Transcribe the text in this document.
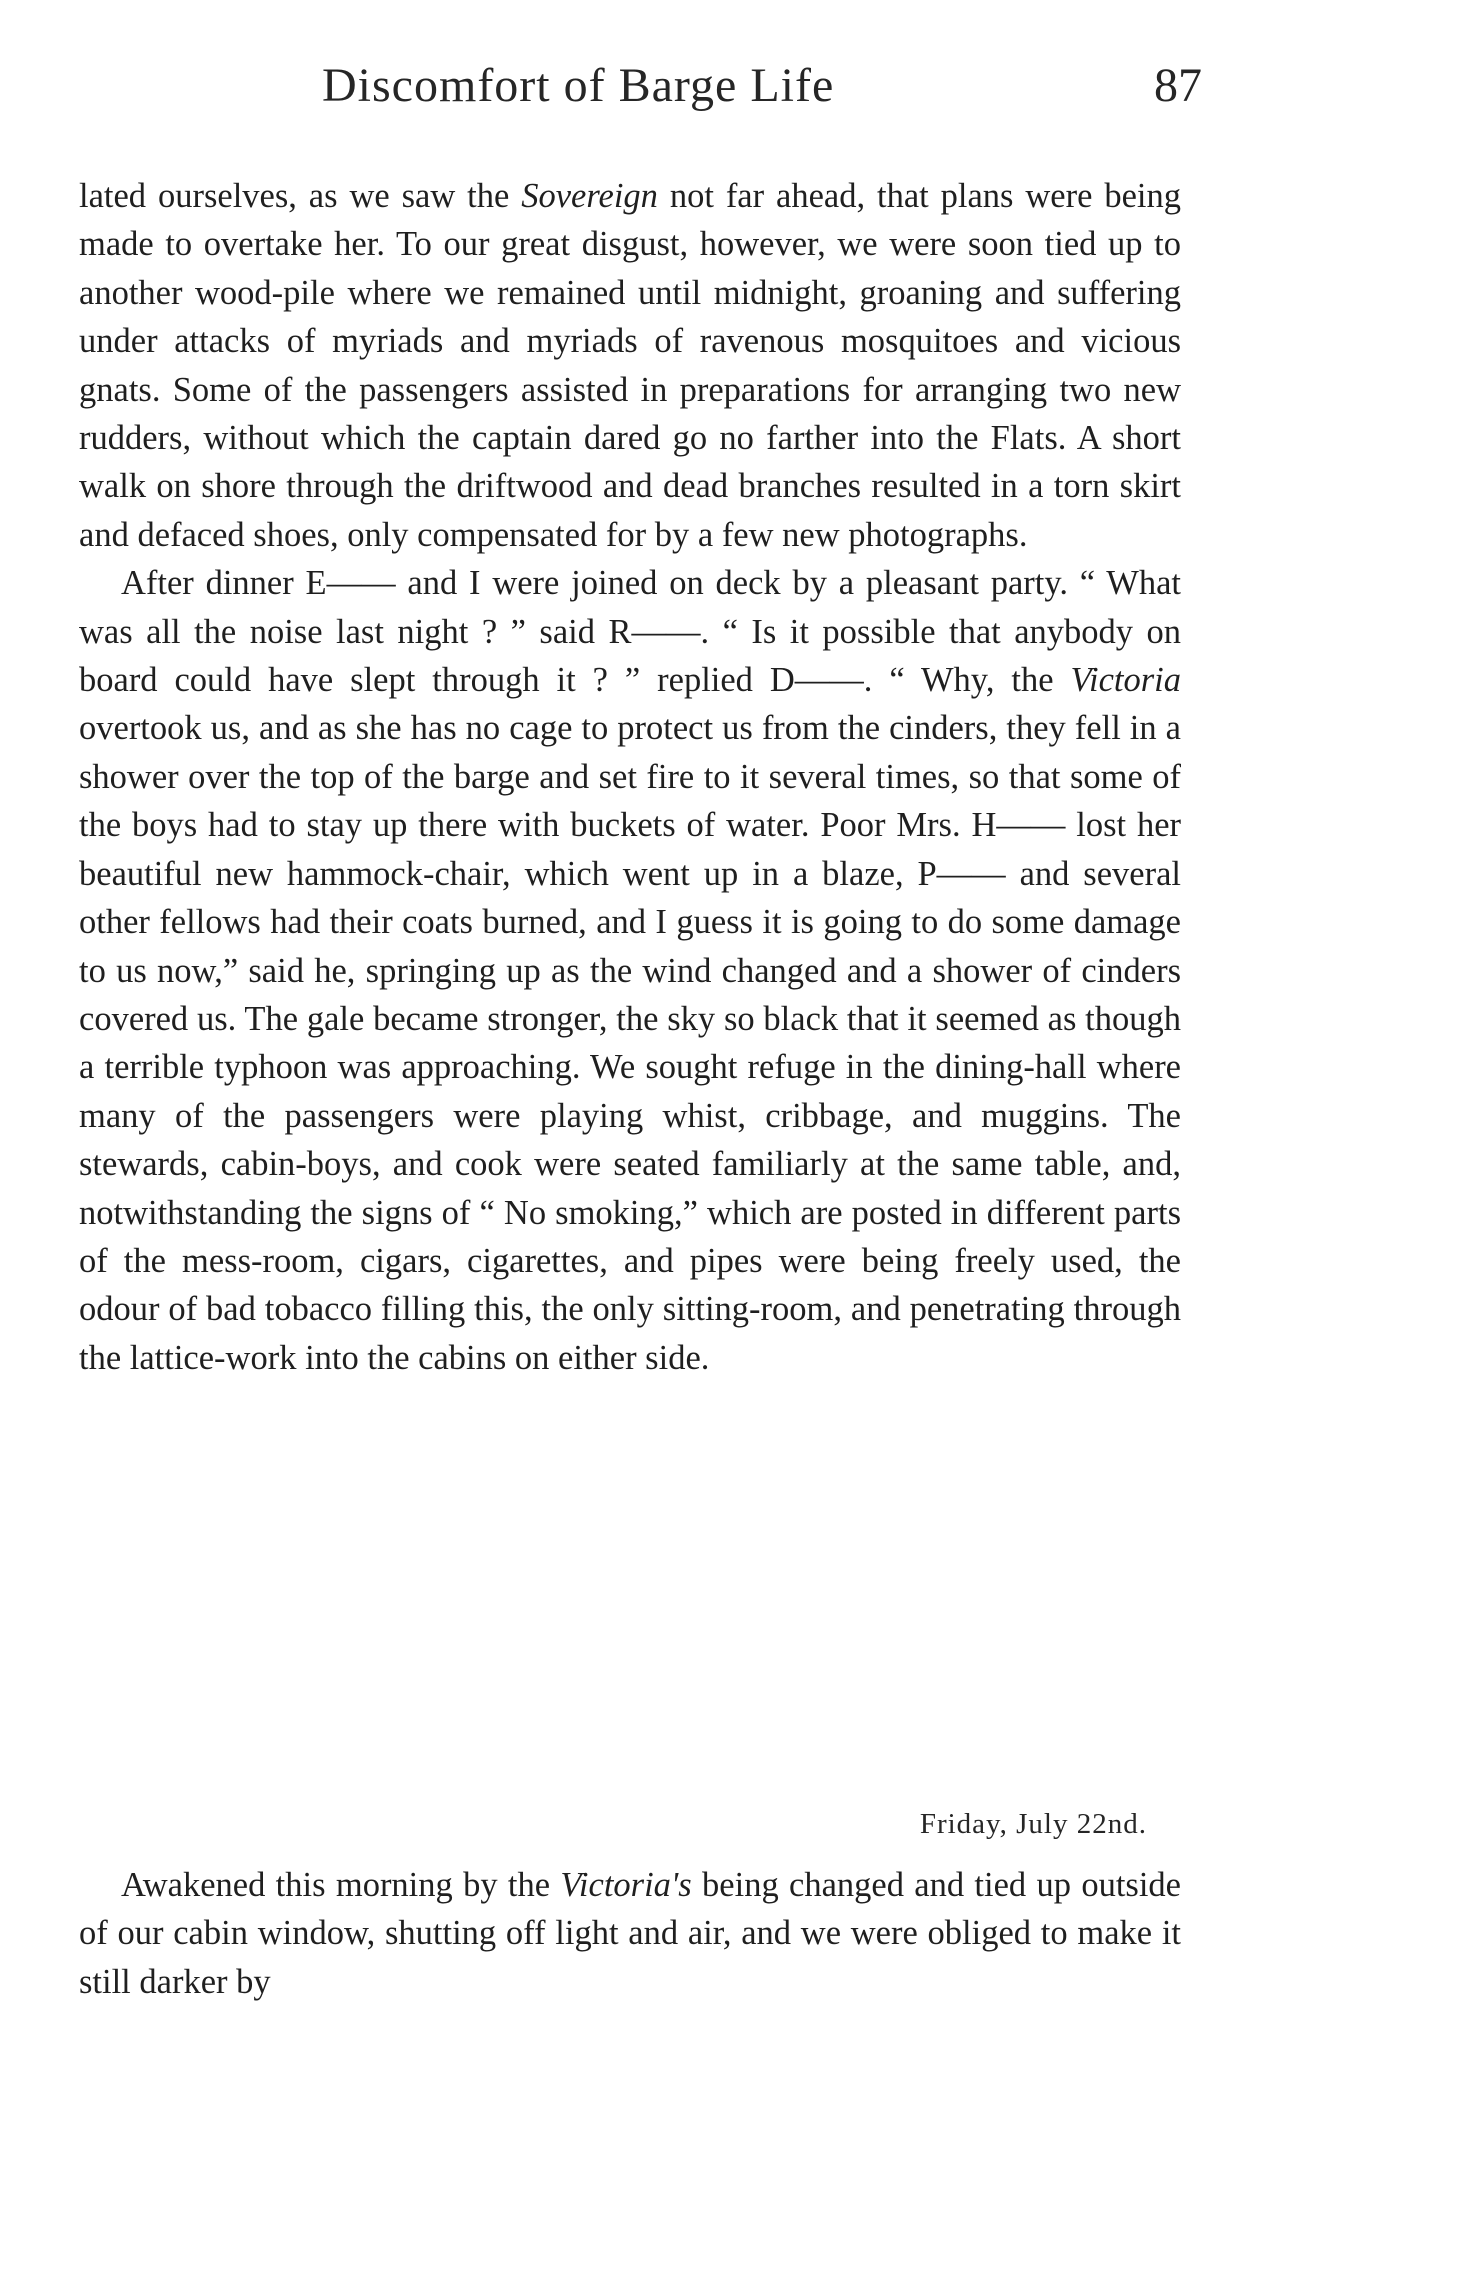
Discomfort of Barge Life	87

lated ourselves, as we saw the Sovereign not far ahead, that plans were being made to overtake her. To our great disgust, however, we were soon tied up to another wood-pile where we remained until midnight, groaning and suffering under attacks of myriads and myriads of ravenous mosquitoes and vicious gnats. Some of the passengers assisted in preparations for arranging two new rudders, without which the captain dared go no farther into the Flats. A short walk on shore through the driftwood and dead branches resulted in a torn skirt and defaced shoes, only compensated for by a few new photographs.

After dinner E—— and I were joined on deck by a pleasant party. “ What was all the noise last night ? ” said R——. “ Is it possible that anybody on board could have slept through it ? ” replied D——. “ Why, the Victoria overtook us, and as she has no cage to protect us from the cinders, they fell in a shower over the top of the barge and set fire to it several times, so that some of the boys had to stay up there with buckets of water. Poor Mrs. H—— lost her beautiful new hammock-chair, which went up in a blaze, P—— and several other fellows had their coats burned, and I guess it is going to do some damage to us now,” said he, springing up as the wind changed and a shower of cinders covered us. The gale became stronger, the sky so black that it seemed as though a terrible typhoon was approaching. We sought refuge in the dining-hall where many of the passengers were playing whist, cribbage, and muggins. The stewards, cabin-boys, and cook were seated familiarly at the same table, and, notwithstanding the signs of “ No smoking,” which are posted in different parts of the mess-room, cigars, cigarettes, and pipes were being freely used, the odour of bad tobacco filling this, the only sitting-room, and penetrating through the lattice-work into the cabins on either side.

Friday, July 22nd.

Awakened this morning by the Victoria's being changed and tied up outside of our cabin window, shutting off light and air, and we were obliged to make it still darker by
